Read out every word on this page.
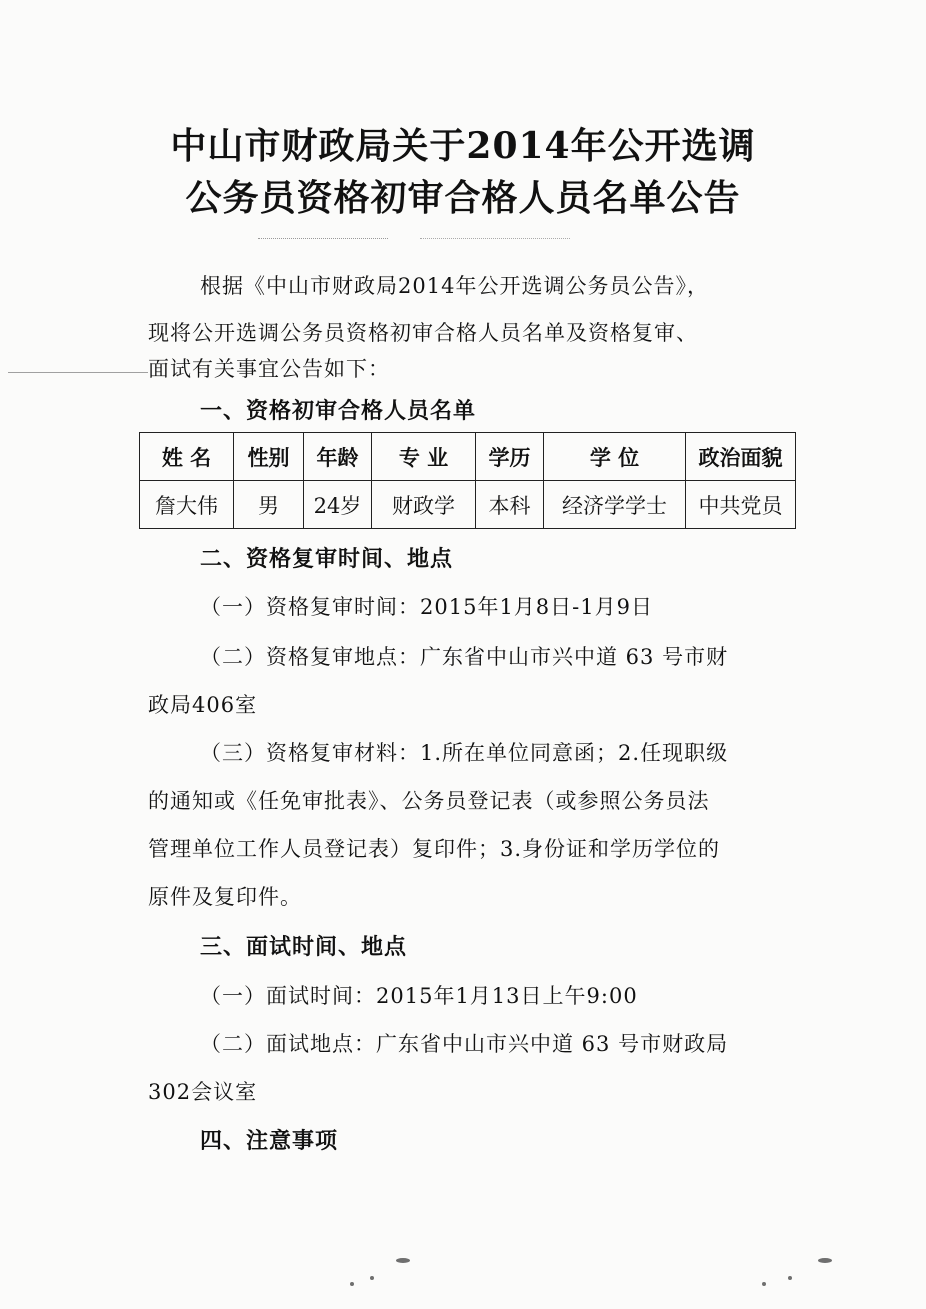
中山市财政局关于2014年公开选调
公务员资格初审合格人员名单公告

根据《中山市财政局2014年公开选调公务员公告》，

现将公开选调公务员资格初审合格人员名单及资格复审、

面试有关事宜公告如下：

一、资格初审合格人员名单

姓 名	性别	年龄	专 业	学历	学 位	政治面貌
詹大伟	男	24岁	财政学	本科	经济学学士	中共党员

二、资格复审时间、地点

（一）资格复审时间：2015年1月8日-1月9日

（二）资格复审地点：广东省中山市兴中道 63 号市财

政局406室

（三）资格复审材料：1.所在单位同意函；2.任现职级

的通知或《任免审批表》、公务员登记表（或参照公务员法

管理单位工作人员登记表）复印件；3.身份证和学历学位的

原件及复印件。

三、面试时间、地点

（一）面试时间：2015年1月13日上午9:00

（二）面试地点：广东省中山市兴中道 63 号市财政局

302会议室

四、注意事项
